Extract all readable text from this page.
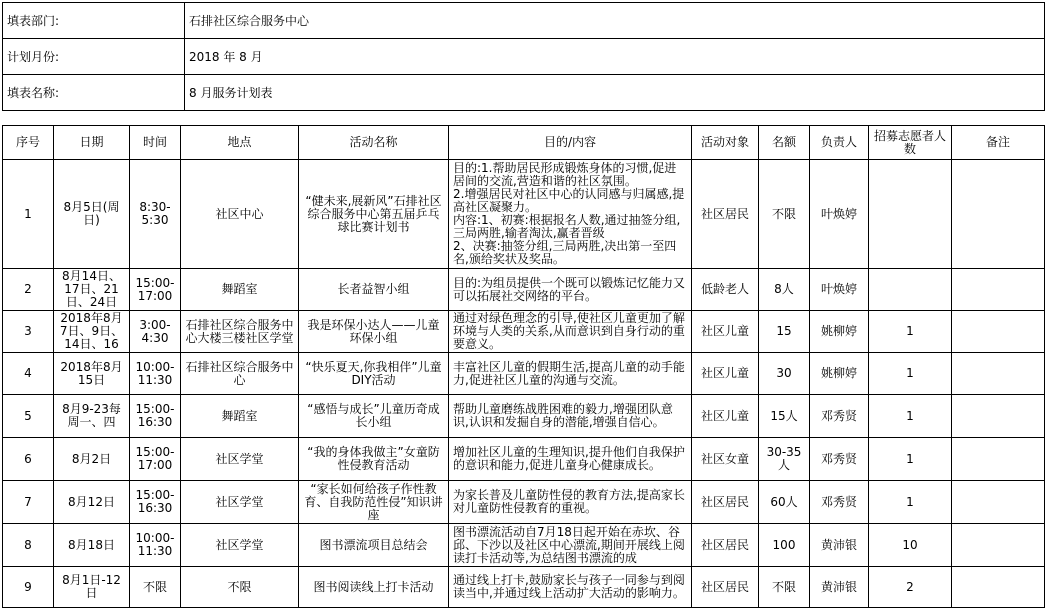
填表部门:	石排社区综合服务中心
计划月份:	2018 年 8 月
填表名称:	8 月服务计划表
序号	日期	时间	地点	活动名称	目的/内容	活动对象	名额	负责人	招募志愿者人数	备注
1	8月5日(周日)	8:30-5:30	社区中心	“健未来,展新风”石排社区综合服务中心第五届乒乓球比赛计划书	目的:1.帮助居民形成锻炼身体的习惯,促进居间的交流,营造和谐的社区氛围。
2.增强居民对社区中心的认同感与归属感,提高社区凝聚力。
内容:1、初赛:根据报名人数,通过抽签分组,三局两胜,输者淘汰,赢者晋级
2、决赛:抽签分组,三局两胜,决出第一至四名,颁给奖状及奖品。	社区居民	不限	叶焕婷		
2	8月14日、17日、21日、24日	15:00-17:00	舞蹈室	长者益智小组	目的:为组员提供一个既可以锻炼记忆能力又可以拓展社交网络的平台。	低龄老人	8人	叶焕婷		
3	2018年8月7日、9日、14日、16	3:00-4:30	石排社区综合服务中心大楼三楼社区学堂	我是环保小达人——儿童环保小组	通过对绿色理念的引导,使社区儿童更加了解环境与人类的关系,从而意识到自身行动的重要意义。	社区儿童	15	姚柳婷	1	
4	2018年8月15日	10:00-11:30	石排社区综合服务中心	“快乐夏天,你我相伴”儿童DIY活动	丰富社区儿童的假期生活,提高儿童的动手能力,促进社区儿童的沟通与交流。	社区儿童	30	姚柳婷	1	
5	8月9-23每周一、四	15:00-16:30	舞蹈室	“感悟与成长”儿童历奇成长小组	帮助儿童磨练战胜困难的毅力,增强团队意识,认识和发掘自身的潜能,增强自信心。	社区儿童	15人	邓秀贤	1	
6	8月2日	15:00-17:00	社区学堂	“我的身体我做主”女童防性侵教育活动	增加社区儿童的生理知识,提升他们自我保护的意识和能力,促进儿童身心健康成长。	社区女童	30-35人	邓秀贤	1	
7	8月12日	15:00-16:30	社区学堂	“家长如何给孩子作性教育、自我防范性侵”知识讲座	为家长普及儿童防性侵的教育方法,提高家长对儿童防性侵教育的重视。	社区居民	60人	邓秀贤	1	
8	8月18日	10:00-11:30	社区学堂	图书漂流项目总结会	图书漂流活动自7月18日起开始在赤坎、谷邱、下沙以及社区中心漂流,期间开展线上阅读打卡活动等,为总结图书漂流的成	社区居民	100	黄沛银	10	
9	8月1日-12日	不限	不限	图书阅读线上打卡活动	通过线上打卡,鼓励家长与孩子一同参与到阅读当中,并通过线上活动扩大活动的影响力。	社区居民	不限	黄沛银	2	
